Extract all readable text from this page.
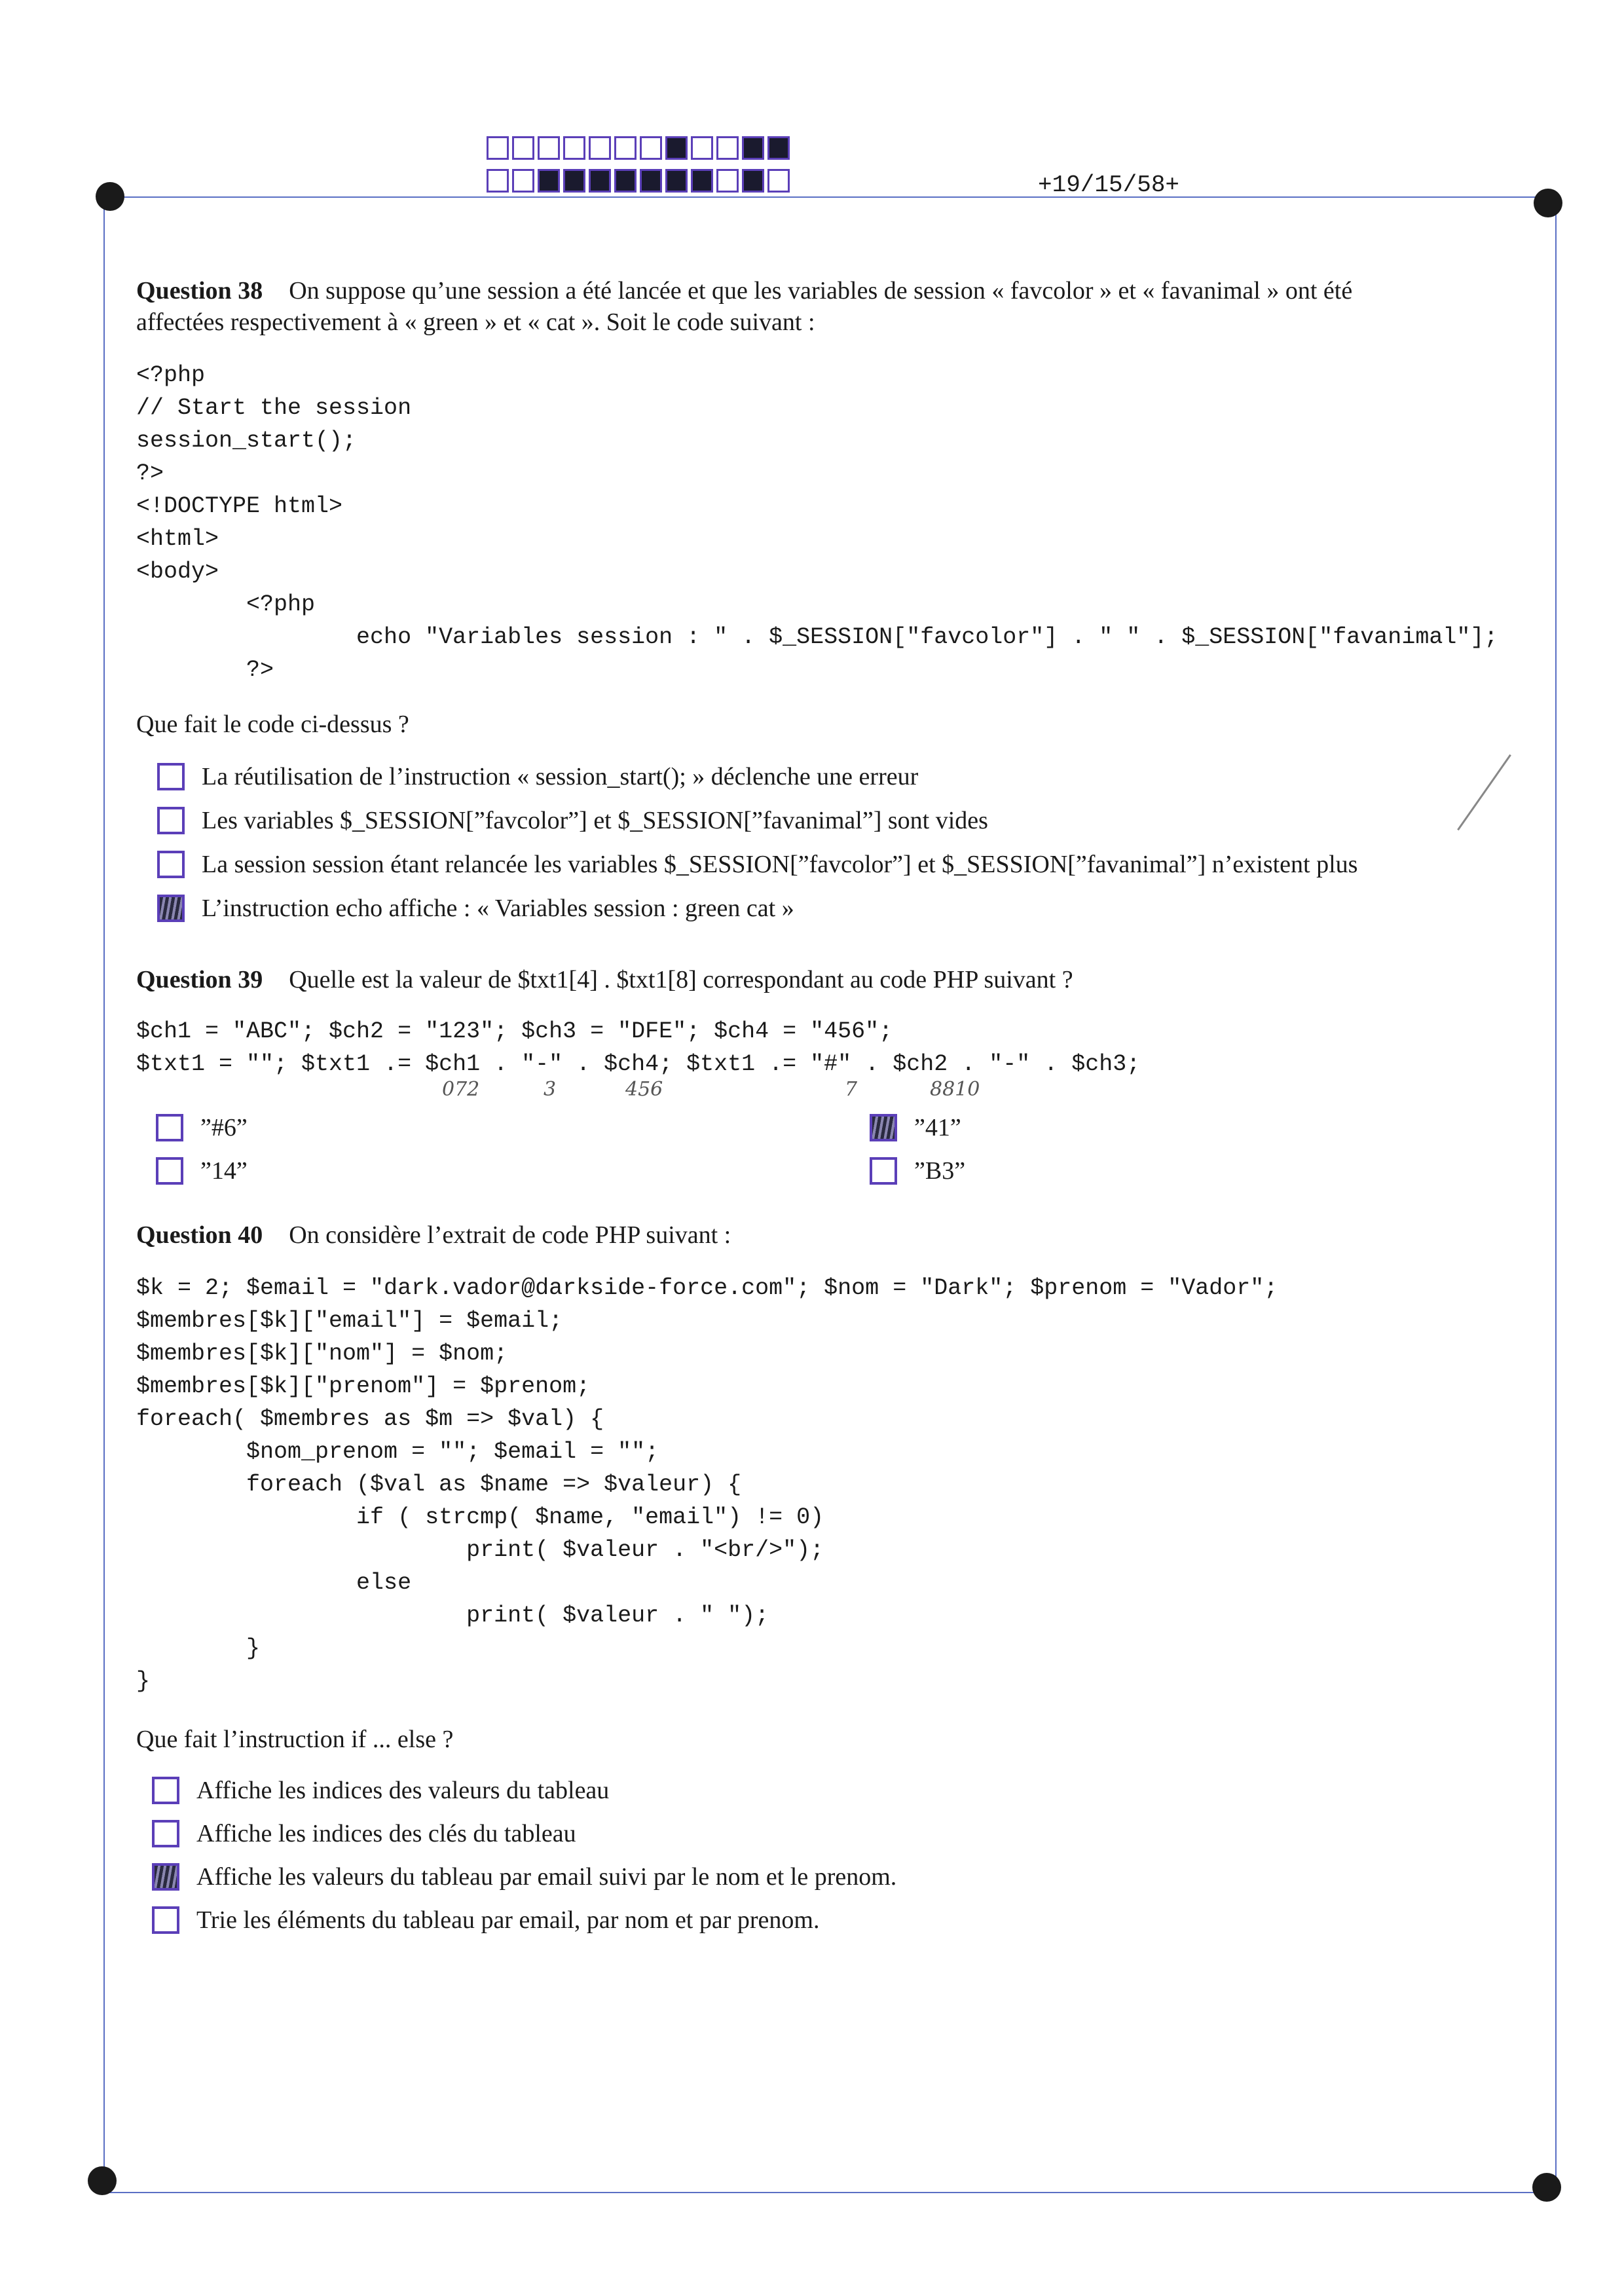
+19/15/58+
Question 38 On suppose qu’une session a été lancée et que les variables de session « favcolor » et « favanimal » ont été
affectées respectivement à « green » et « cat ». Soit le code suivant :
<?php
// Start the session
session_start();
?>
<!DOCTYPE html>
<html>
<body>
<?php
echo "Variables session : " . $_SESSION["favcolor"] . " " . $_SESSION["favanimal"];
?>
Que fait le code ci-dessus ?
La réutilisation de l’instruction « session_start(); » déclenche une erreur
Les variables $_SESSION[”favcolor”] et $_SESSION[”favanimal”] sont vides
La session session étant relancée les variables $_SESSION[”favcolor”] et $_SESSION[”favanimal”] n’existent plus
L’instruction echo affiche : « Variables session : green cat »
Question 39 Quelle est la valeur de $txt1[4] . $txt1[8] correspondant au code PHP suivant ?
$ch1 = "ABC"; $ch2 = "123"; $ch3 = "DFE"; $ch4 = "456";
$txt1 = ""; $txt1 .= $ch1 . "-" . $ch4; $txt1 .= "#" . $ch2 . "-" . $ch3;
072	3	456	7	8810
”#6”
”14”
”41”
”B3”
Question 40 On considère l’extrait de code PHP suivant :
$k = 2; $email = "dark.vador@darkside-force.com"; $nom = "Dark"; $prenom = "Vador";
$membres[$k]["email"] = $email;
$membres[$k]["nom"] = $nom;
$membres[$k]["prenom"] = $prenom;
foreach( $membres as $m => $val) {
$nom_prenom = ""; $email = "";
foreach ($val as $name => $valeur) {
if ( strcmp( $name, "email") != 0)
print( $valeur . "<br/>");
else
print( $valeur . " ");
}
}
Que fait l’instruction if ... else ?
Affiche les indices des valeurs du tableau
Affiche les indices des clés du tableau
Affiche les valeurs du tableau par email suivi par le nom et le prenom.
Trie les éléments du tableau par email, par nom et par prenom.
